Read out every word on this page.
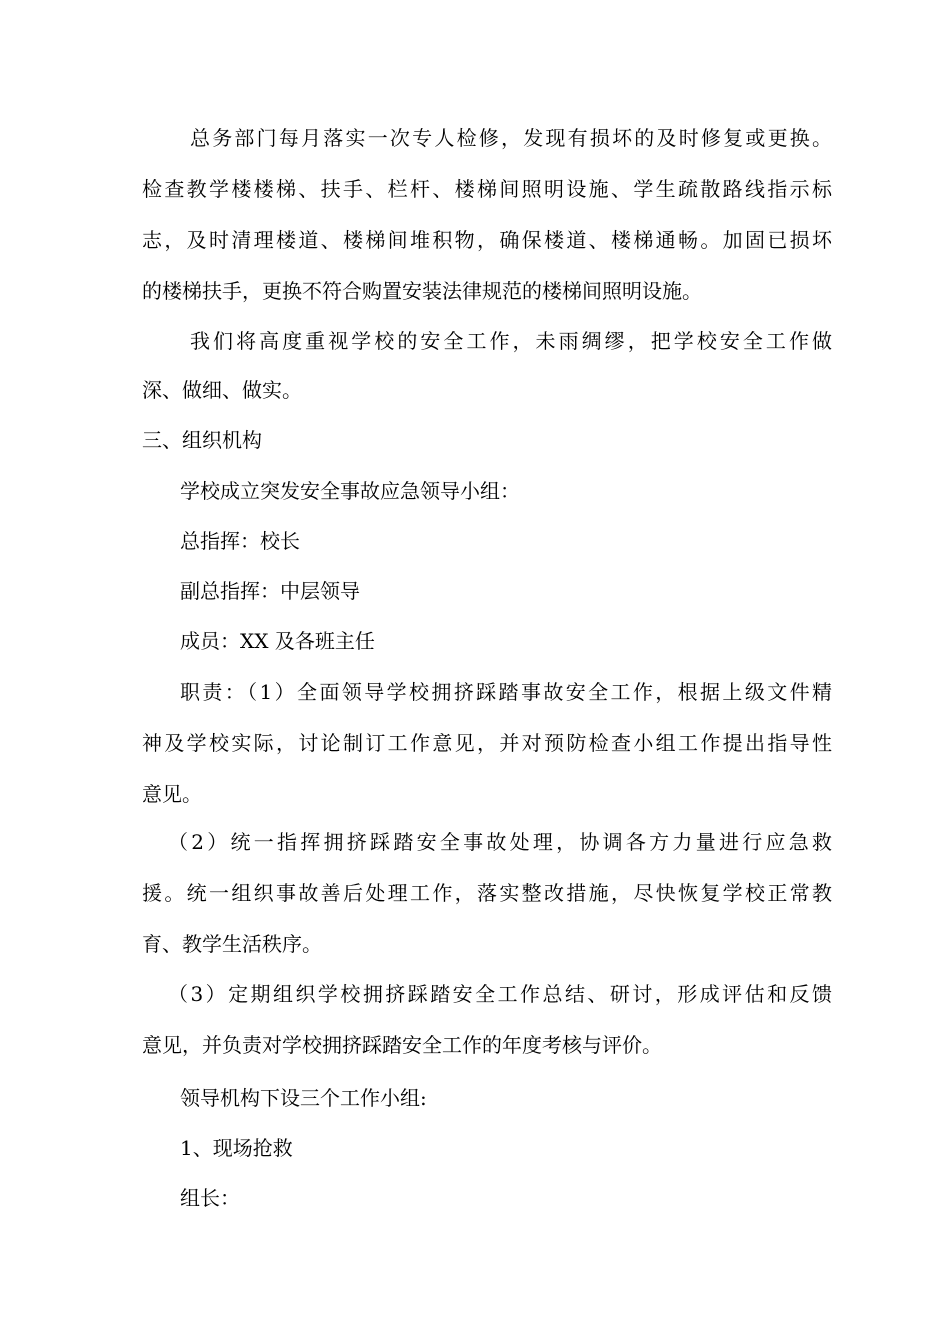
总务部门每月落实一次专人检修，发现有损坏的及时修复或更换。
检查教学楼楼梯、扶手、栏杆、楼梯间照明设施、学生疏散路线指示标
志，及时清理楼道、楼梯间堆积物，确保楼道、楼梯通畅。加固已损坏
的楼梯扶手，更换不符合购置安装法律规范的楼梯间照明设施。
我们将高度重视学校的安全工作，未雨绸缪，把学校安全工作做
深、做细、做实。
三、组织机构
学校成立突发安全事故应急领导小组：
总指挥：校长
副总指挥：中层领导
成员：XX 及各班主任
职责：（1）全面领导学校拥挤踩踏事故安全工作，根据上级文件精
神及学校实际，讨论制订工作意见，并对预防检查小组工作提出指导性
意见。
（2）统一指挥拥挤踩踏安全事故处理，协调各方力量进行应急救
援。统一组织事故善后处理工作，落实整改措施，尽快恢复学校正常教
育、教学生活秩序。
（3）定期组织学校拥挤踩踏安全工作总结、研讨，形成评估和反馈
意见，并负责对学校拥挤踩踏安全工作的年度考核与评价。
领导机构下设三个工作小组:
1、现场抢救
组长：
